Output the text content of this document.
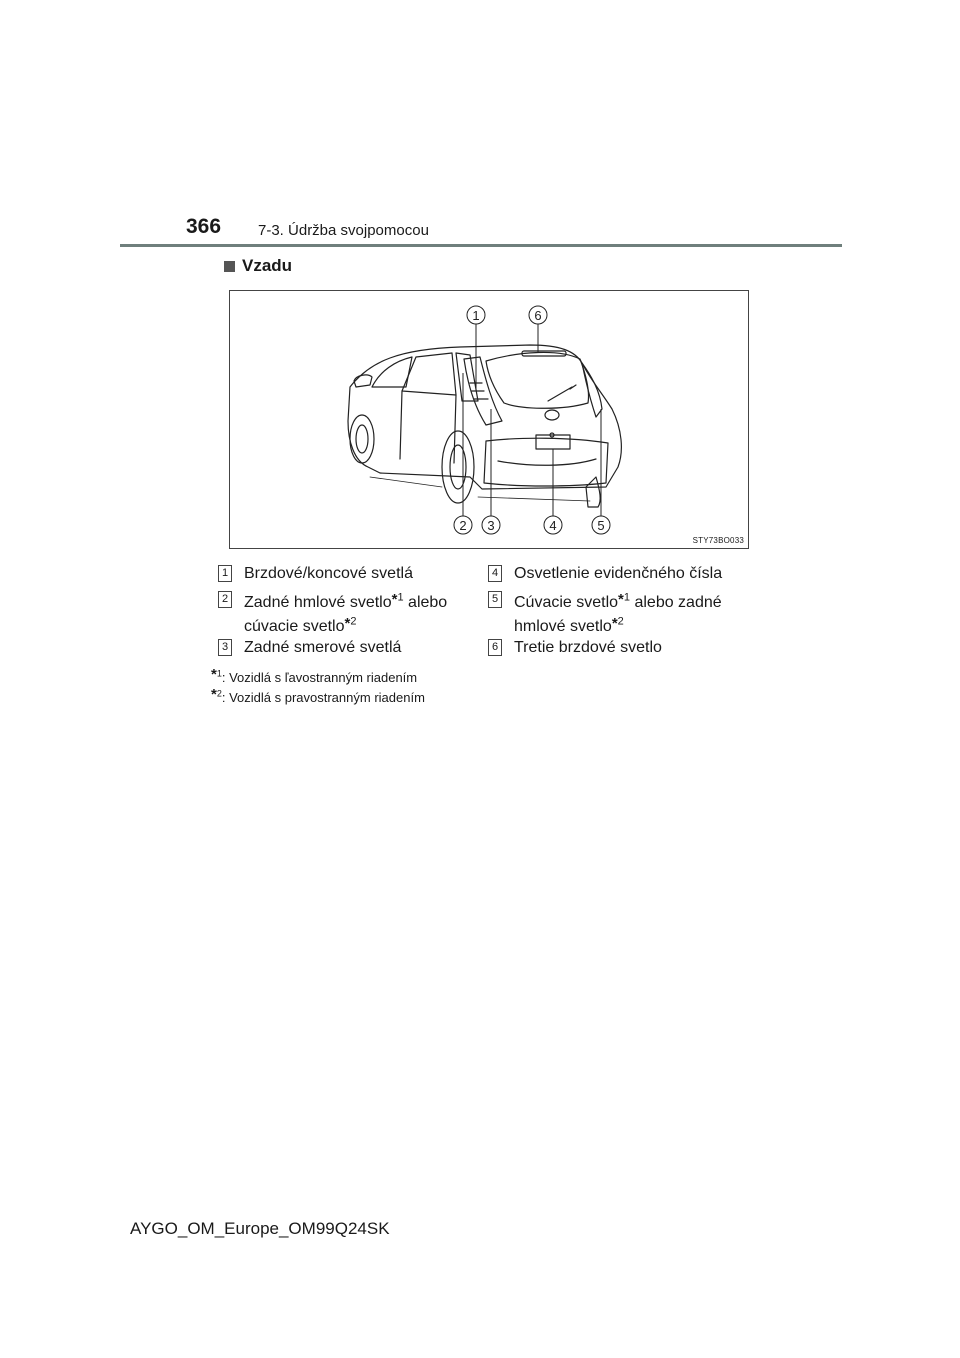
366 7-3. Údržba svojpomocou
Vzadu
1	6
2 3	4	5
STY73BO033
1 Brzdové/koncové svetlá
2 Zadné hmlové svetlo*$^1$ alebo cúvacie svetlo*$^2$
3 Zadné smerové svetlá
4 Osvetlenie evidenčného čísla
5 Cúvacie svetlo*$^1$ alebo zadné hmlové svetlo*$^2$
6 Tretie brzdové svetlo
*$^1$: Vozidlá s ľavostranným riadením
*$^2$: Vozidlá s pravostranným riadením
AYGO_OM_Europe_OM99Q24SK
